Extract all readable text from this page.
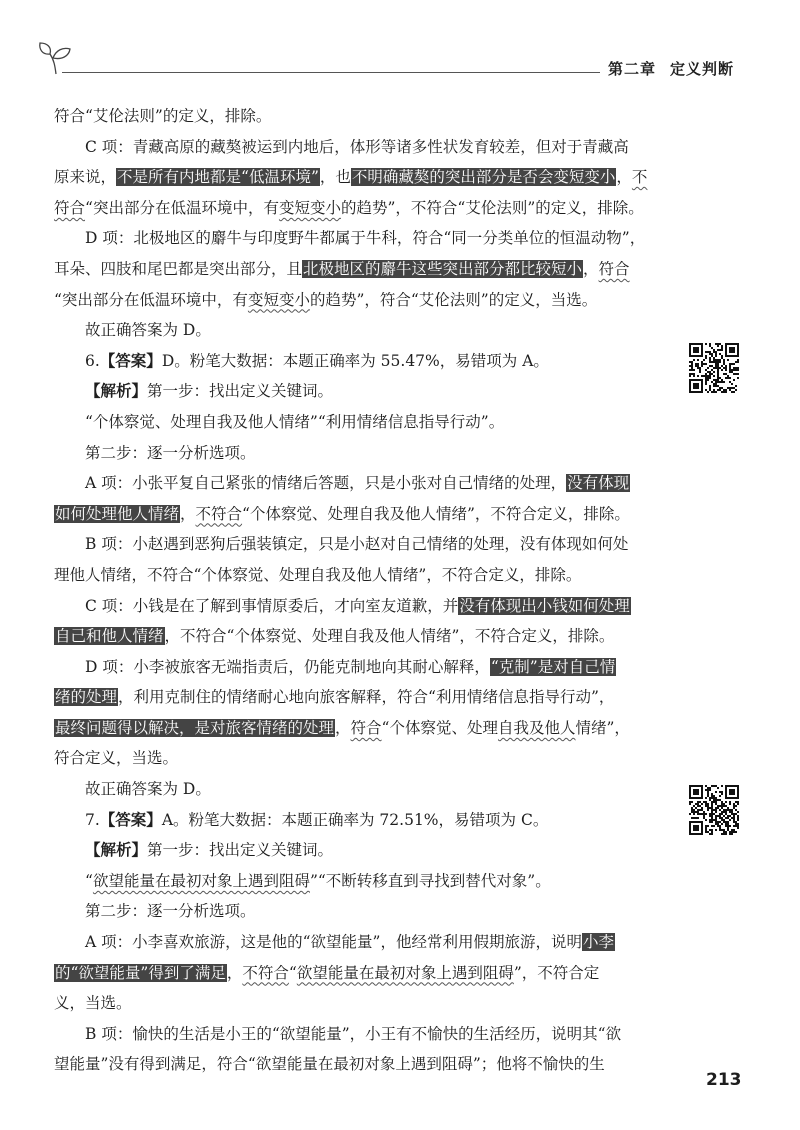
第二章 定义判断

符合“艾伦法则”的定义，排除。

C 项：青藏高原的藏獒被运到内地后，体形等诸多性状发育较差，但对于青藏高

原来说，不是所有内地都是“低温环境”，也不明确藏獒的突出部分是否会变短变小，不

符合“突出部分在低温环境中，有变短变小的趋势”，不符合“艾伦法则”的定义，排除。

D 项：北极地区的麝牛与印度野牛都属于牛科，符合“同一分类单位的恒温动物”，

耳朵、四肢和尾巴都是突出部分，且北极地区的麝牛这些突出部分都比较短小，符合

“突出部分在低温环境中，有变短变小的趋势”，符合“艾伦法则”的定义，当选。

故正确答案为 D。

6.【答案】D。粉笔大数据：本题正确率为 55.47%，易错项为 A。

【解析】第一步：找出定义关键词。

“个体察觉、处理自我及他人情绪”“利用情绪信息指导行动”。

第二步：逐一分析选项。

A 项：小张平复自己紧张的情绪后答题，只是小张对自己情绪的处理，没有体现

如何处理他人情绪，不符合“个体察觉、处理自我及他人情绪”，不符合定义，排除。

B 项：小赵遇到恶狗后强装镇定，只是小赵对自己情绪的处理，没有体现如何处

理他人情绪，不符合“个体察觉、处理自我及他人情绪”，不符合定义，排除。

C 项：小钱是在了解到事情原委后，才向室友道歉，并没有体现出小钱如何处理

自己和他人情绪，不符合“个体察觉、处理自我及他人情绪”，不符合定义，排除。

D 项：小李被旅客无端指责后，仍能克制地向其耐心解释，“克制”是对自己情

绪的处理，利用克制住的情绪耐心地向旅客解释，符合“利用情绪信息指导行动”，

最终问题得以解决，是对旅客情绪的处理，符合“个体察觉、处理自我及他人情绪”，

符合定义，当选。

故正确答案为 D。

7.【答案】A。粉笔大数据：本题正确率为 72.51%，易错项为 C。

【解析】第一步：找出定义关键词。

“欲望能量在最初对象上遇到阻碍”“不断转移直到寻找到替代对象”。

第二步：逐一分析选项。

A 项：小李喜欢旅游，这是他的“欲望能量”，他经常利用假期旅游，说明小李

的“欲望能量”得到了满足，不符合“欲望能量在最初对象上遇到阻碍”，不符合定

义，当选。

B 项：愉快的生活是小王的“欲望能量”，小王有不愉快的生活经历，说明其“欲

望能量”没有得到满足，符合“欲望能量在最初对象上遇到阻碍”；他将不愉快的生

213
